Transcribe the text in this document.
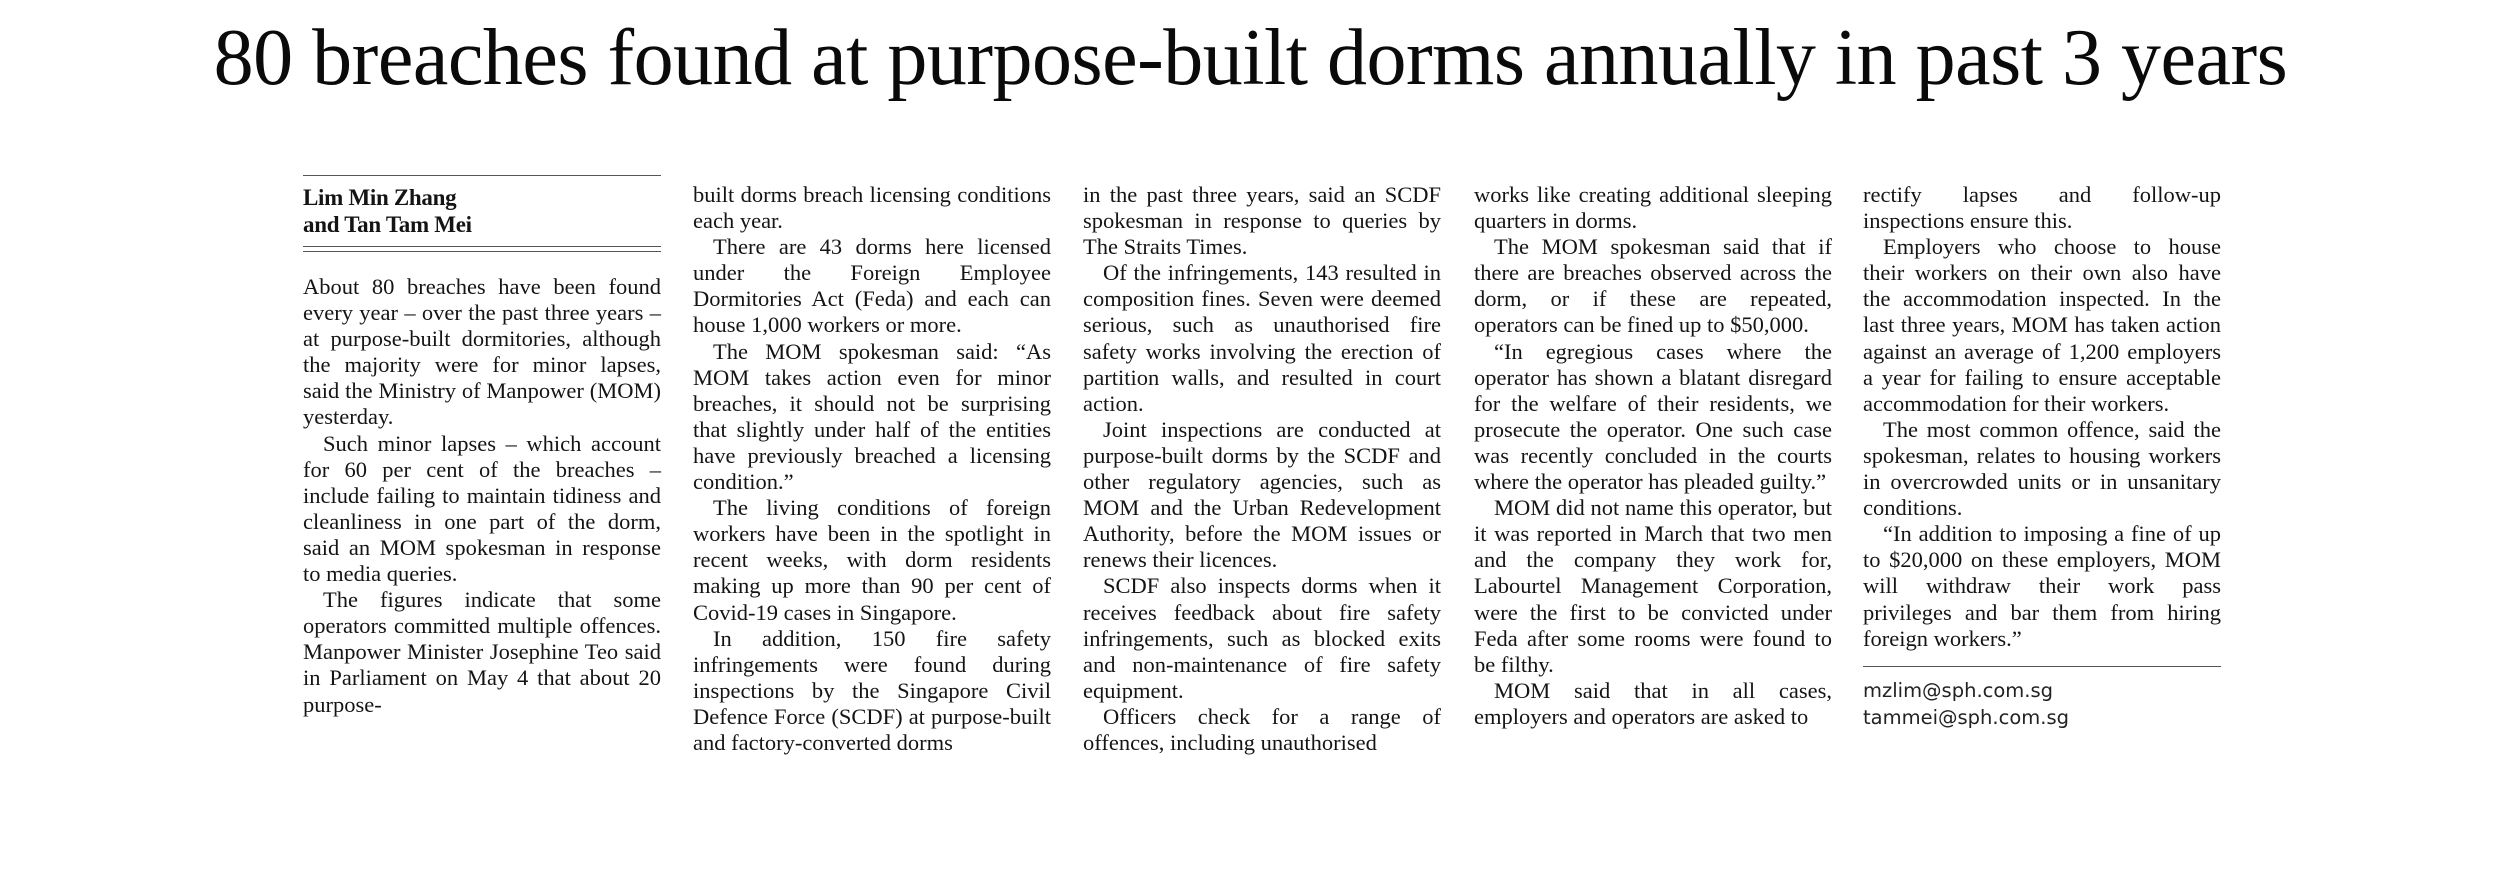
80 breaches found at purpose-built dorms annually in past 3 years
Lim Min Zhang
and Tan Tam Mei

About 80 breaches have been found every year – over the past three years – at purpose-built dormitories, although the majority were for minor lapses, said the Ministry of Manpower (MOM) yesterday.

Such minor lapses – which account for 60 per cent of the breaches – include failing to maintain tidiness and cleanliness in one part of the dorm, said an MOM spokesman in response to media queries.

The figures indicate that some operators committed multiple offences. Manpower Minister Josephine Teo said in Parliament on May 4 that about 20 purpose-

built dorms breach licensing conditions each year.

There are 43 dorms here licensed under the Foreign Employee Dormitories Act (Feda) and each can house 1,000 workers or more.

The MOM spokesman said: “As MOM takes action even for minor breaches, it should not be surprising that slightly under half of the entities have previously breached a licensing condition.”

The living conditions of foreign workers have been in the spotlight in recent weeks, with dorm residents making up more than 90 per cent of Covid-19 cases in Singapore.

In addition, 150 fire safety infringements were found during inspections by the Singapore Civil Defence Force (SCDF) at purpose-built and factory-converted dorms

in the past three years, said an SCDF spokesman in response to queries by The Straits Times.

Of the infringements, 143 resulted in composition fines. Seven were deemed serious, such as unauthorised fire safety works involving the erection of partition walls, and resulted in court action.

Joint inspections are conducted at purpose-built dorms by the SCDF and other regulatory agencies, such as MOM and the Urban Redevelopment Authority, before the MOM issues or renews their licences.

SCDF also inspects dorms when it receives feedback about fire safety infringements, such as blocked exits and non-maintenance of fire safety equipment.

Officers check for a range of offences, including unauthorised

works like creating additional sleeping quarters in dorms.

The MOM spokesman said that if there are breaches observed across the dorm, or if these are repeated, operators can be fined up to $50,000.

“In egregious cases where the operator has shown a blatant disregard for the welfare of their residents, we prosecute the operator. One such case was recently concluded in the courts where the operator has pleaded guilty.”

MOM did not name this operator, but it was reported in March that two men and the company they work for, Labourtel Management Corporation, were the first to be convicted under Feda after some rooms were found to be filthy.

MOM said that in all cases, employers and operators are asked to

rectify lapses and follow-up inspections ensure this.

Employers who choose to house their workers on their own also have the accommodation inspected. In the last three years, MOM has taken action against an average of 1,200 employers a year for failing to ensure acceptable accommodation for their workers.

The most common offence, said the spokesman, relates to housing workers in overcrowded units or in unsanitary conditions.

“In addition to imposing a fine of up to $20,000 on these employers, MOM will withdraw their work pass privileges and bar them from hiring foreign workers.”

mzlim@sph.com.sg
tammei@sph.com.sg
